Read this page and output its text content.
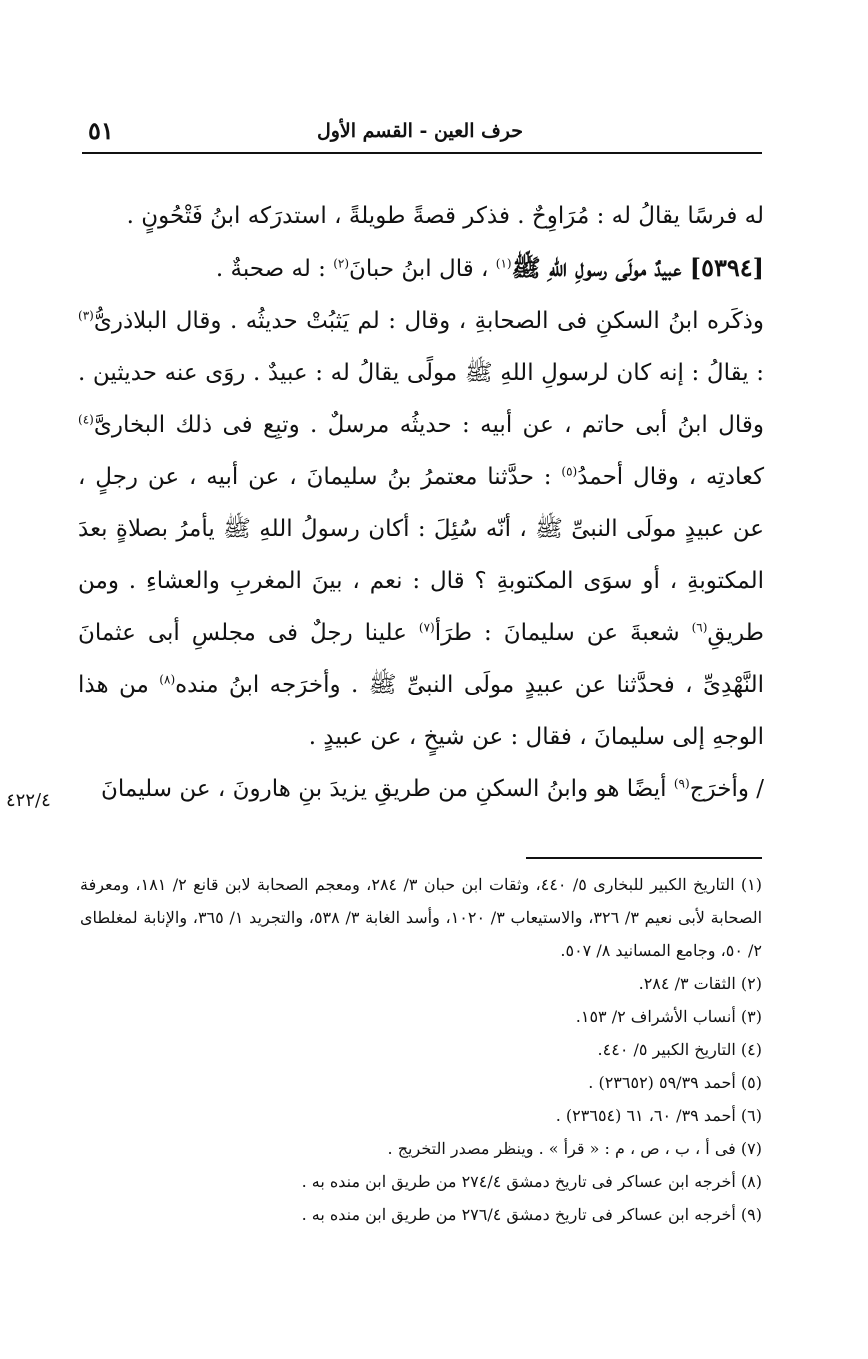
حرف العين - القسم الأول
٥١
له فرسًا يقالُ له : مُرَاوِحٌ . فذكر قصةً طويلةً ، استدرَكه ابنُ فَتْحُونٍ .
[٥٣٩٤] عبيدٌ مولَى رسولِ اللهِ ﷺ$^{(١)}$ ، قال ابنُ حبانَ$^{(٢)}$ : له صحبةٌ .
وذكَره ابنُ السكنِ فى الصحابةِ ، وقال : لم يَثبُتْ حديثُه . وقال البلاذرىُّ$^{(٣)}$ : يقالُ : إنه كان لرسولِ اللهِ ﷺ مولًى يقالُ له : عبيدٌ . روَى عنه حديثين . وقال ابنُ أبى حاتم ، عن أبيه : حديثُه مرسلٌ . وتبِع فى ذلك البخارىَّ$^{(٤)}$ كعادتِه ، وقال أحمدُ$^{(٥)}$ : حدَّثنا معتمرُ بنُ سليمانَ ، عن أبيه ، عن رجلٍ ، عن عبيدٍ مولَى النبىِّ ﷺ ، أنّه سُئِلَ : أكان رسولُ اللهِ ﷺ يأمرُ بصلاةٍ بعدَ المكتوبةِ ، أو سوَى المكتوبةِ ؟ قال : نعم ، بينَ المغربِ والعشاءِ . ومن طريقِ$^{(٦)}$ شعبةَ عن سليمانَ : طرَأ$^{(٧)}$ علينا رجلٌ فى مجلسِ أبى عثمانَ النَّهْدِىِّ ، فحدَّثنا عن عبيدٍ مولَى النبىِّ ﷺ . وأخرَجه ابنُ منده$^{(٨)}$ من هذا الوجهِ إلى سليمانَ ، فقال : عن شيخٍ ، عن عبيدٍ .
/ وأخرَج$^{(٩)}$ أيضًا هو وابنُ السكنِ من طريقِ يزيدَ بنِ هارونَ ، عن سليمانَ
٤٢٢/٤

(١) التاريخ الكبير للبخارى ٥/ ٤٤٠، وثقات ابن حبان ٣/ ٢٨٤، ومعجم الصحابة لابن قانع ٢/ ١٨١، ومعرفة الصحابة لأبى نعيم ٣/ ٣٢٦، والاستيعاب ٣/ ١٠٢٠، وأسد الغابة ٣/ ٥٣٨، والتجريد ١/ ٣٦٥، والإنابة لمغلطاى ٢/ ٥٠، وجامع المسانيد ٨/ ٥٠٧.

(٢) الثقات ٣/ ٢٨٤.

(٣) أنساب الأشراف ٢/ ١٥٣.

(٤) التاريخ الكبير ٥/ ٤٤٠.

(٥) أحمد ٥٩/٣٩ (٢٣٦٥٢) .

(٦) أحمد ٣٩/ ٦٠، ٦١ (٢٣٦٥٤) .

(٧) فى أ ، ب ، ص ، م : « قرأ » . وينظر مصدر التخريج .

(٨) أخرجه ابن عساكر فى تاريخ دمشق ٢٧٤/٤ من طريق ابن منده به .

(٩) أخرجه ابن عساكر فى تاريخ دمشق ٢٧٦/٤ من طريق ابن منده به .
